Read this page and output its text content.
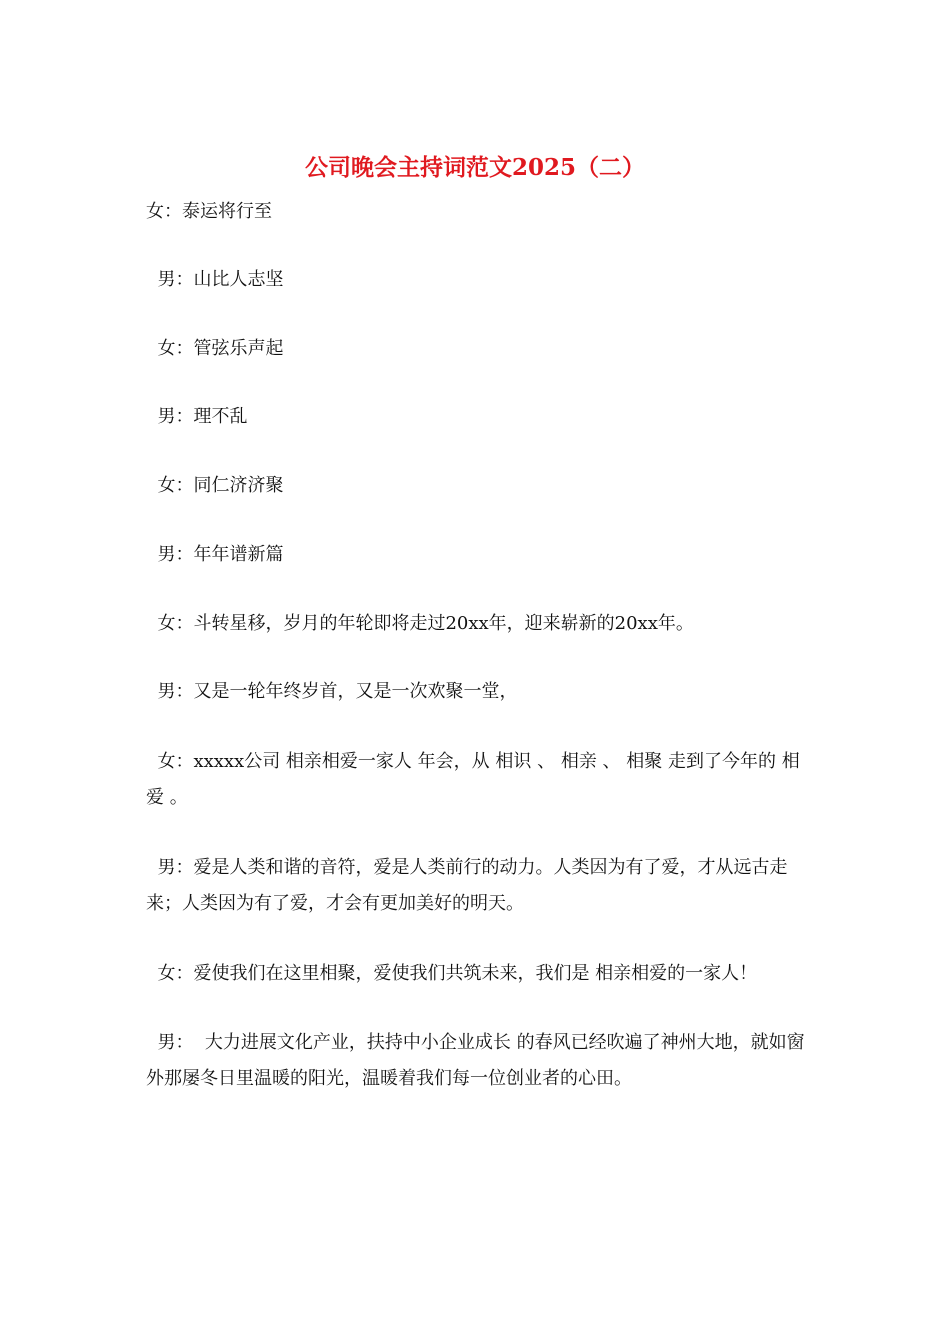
公司晚会主持词范文2025（二）
女：泰运将行至
男：山比人志坚
女：管弦乐声起
男：理不乱
女：同仁济济聚
男：年年谱新篇
女：斗转星移，岁月的年轮即将走过20xx年，迎来崭新的20xx年。
男：又是一轮年终岁首，又是一次欢聚一堂，
女：xxxxx公司 相亲相爱一家人 年会，从 相识 、 相亲 、 相聚 走到了今年的 相爱 。
男：爱是人类和谐的音符，爱是人类前行的动力。人类因为有了爱，才从远古走来；人类因为有了爱，才会有更加美好的明天。
女：爱使我们在这里相聚，爱使我们共筑未来，我们是 相亲相爱的一家人！
男：  大力进展文化产业，扶持中小企业成长 的春风已经吹遍了神州大地，就如窗外那屡冬日里温暖的阳光，温暖着我们每一位创业者的心田。
